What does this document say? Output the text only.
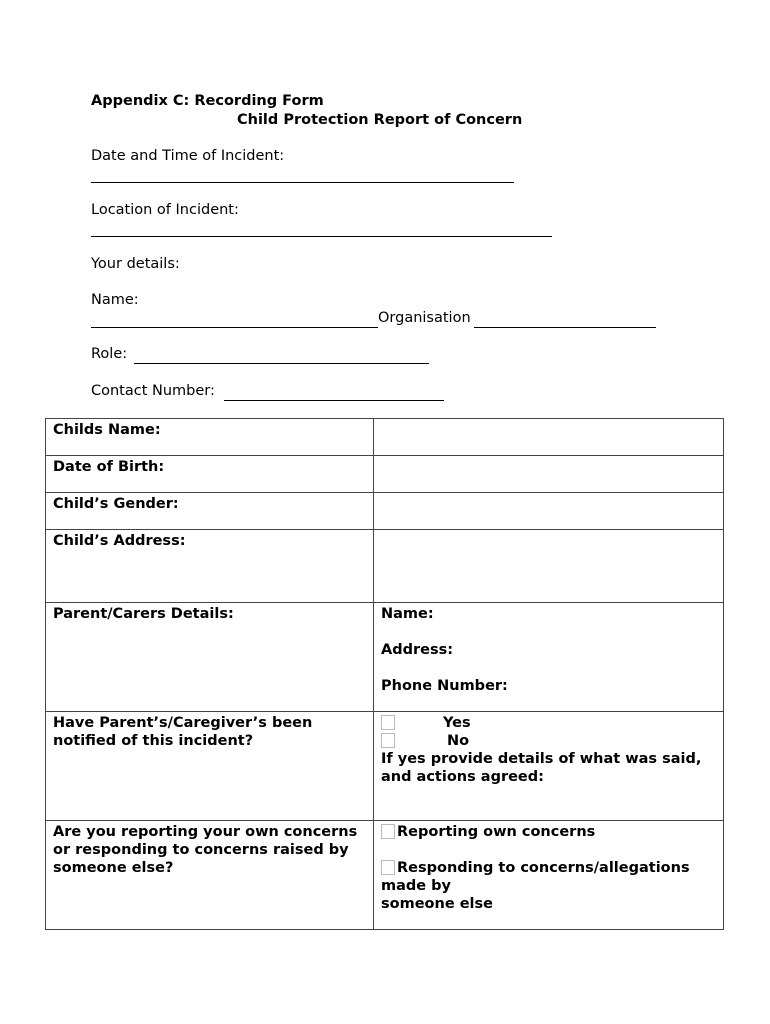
Appendix C: Recording Form
Child Protection Report of Concern
Date and Time of Incident:
Location of Incident:
Your details:
Name:
Organisation
Role:
Contact Number:
Childs Name:	
Date of Birth:	
Child’s Gender:	
Child’s Address:	
Parent/Carers Details:	Name:
Address:
Phone Number:

Have Parent’s/Caregiver’s been notified of this incident?	Yes
No
If yes provide details of what was said, and actions agreed:

Are you reporting your own concerns or responding to concerns raised by someone else?	Reporting own concerns
Responding to concerns/allegations made by
someone else
